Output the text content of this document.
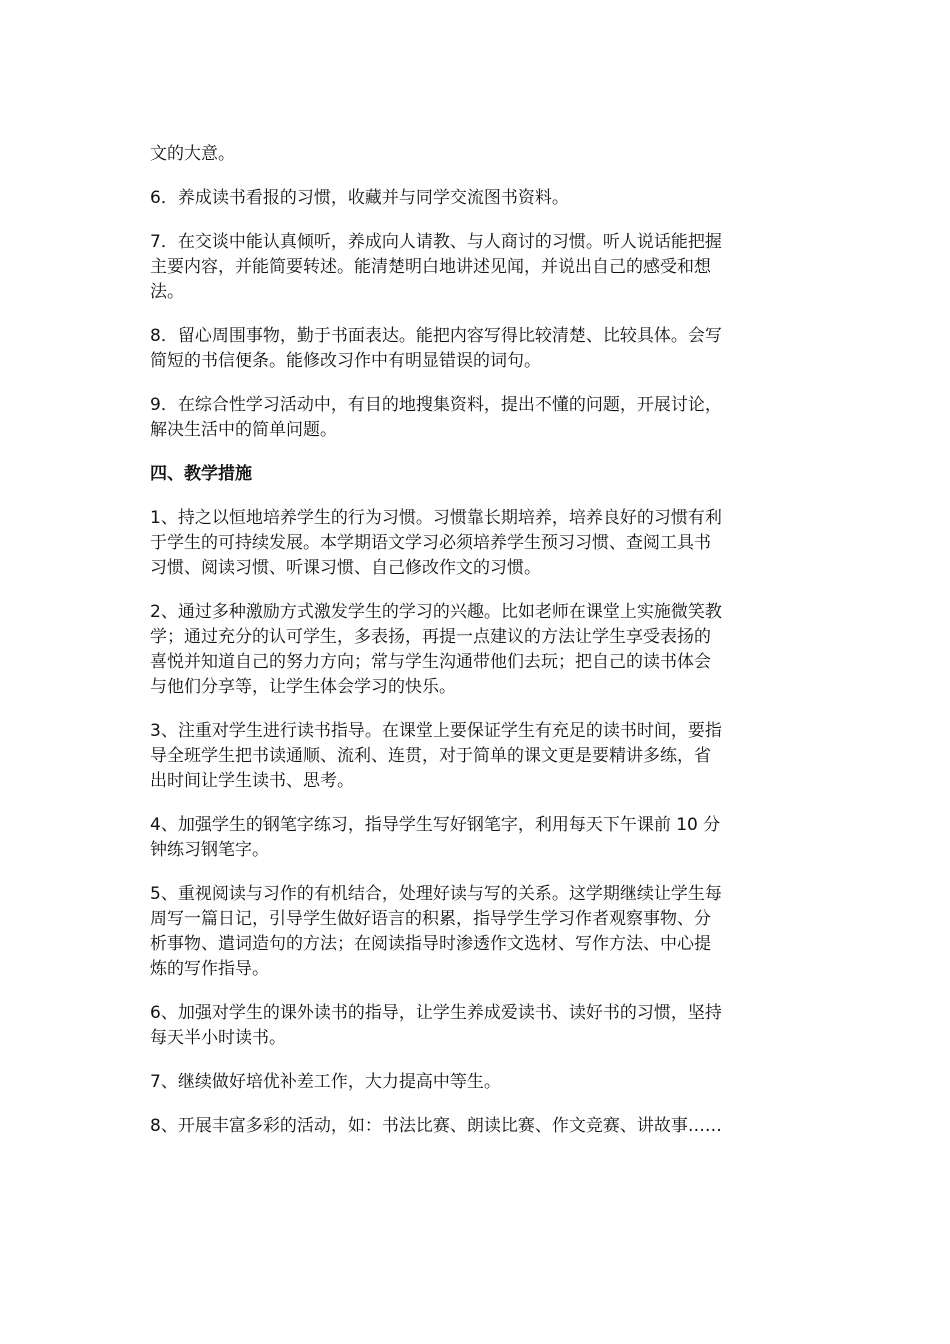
文的大意。
6．养成读书看报的习惯，收藏并与同学交流图书资料。
7．在交谈中能认真倾听，养成向人请教、与人商讨的习惯。听人说话能把握
主要内容，并能简要转述。能清楚明白地讲述见闻，并说出自己的感受和想
法。
8．留心周围事物，勤于书面表达。能把内容写得比较清楚、比较具体。会写
简短的书信便条。能修改习作中有明显错误的词句。
9．在综合性学习活动中，有目的地搜集资料，提出不懂的问题，开展讨论，
解决生活中的简单问题。
四、教学措施
1、持之以恒地培养学生的行为习惯。习惯靠长期培养，培养良好的习惯有利
于学生的可持续发展。本学期语文学习必须培养学生预习习惯、查阅工具书
习惯、阅读习惯、听课习惯、自己修改作文的习惯。
2、通过多种激励方式激发学生的学习的兴趣。比如老师在课堂上实施微笑教
学；通过充分的认可学生，多表扬，再提一点建议的方法让学生享受表扬的
喜悦并知道自己的努力方向；常与学生沟通带他们去玩；把自己的读书体会
与他们分享等，让学生体会学习的快乐。
3、注重对学生进行读书指导。在课堂上要保证学生有充足的读书时间，要指
导全班学生把书读通顺、流利、连贯，对于简单的课文更是要精讲多练，省
出时间让学生读书、思考。
4、加强学生的钢笔字练习，指导学生写好钢笔字，利用每天下午课前 10 分
钟练习钢笔字。
5、重视阅读与习作的有机结合，处理好读与写的关系。这学期继续让学生每
周写一篇日记，引导学生做好语言的积累，指导学生学习作者观察事物、分
析事物、遣词造句的方法；在阅读指导时渗透作文选材、写作方法、中心提
炼的写作指导。
6、加强对学生的课外读书的指导，让学生养成爱读书、读好书的习惯，坚持
每天半小时读书。
7、继续做好培优补差工作，大力提高中等生。
8、开展丰富多彩的活动，如：书法比赛、朗读比赛、作文竞赛、讲故事……
